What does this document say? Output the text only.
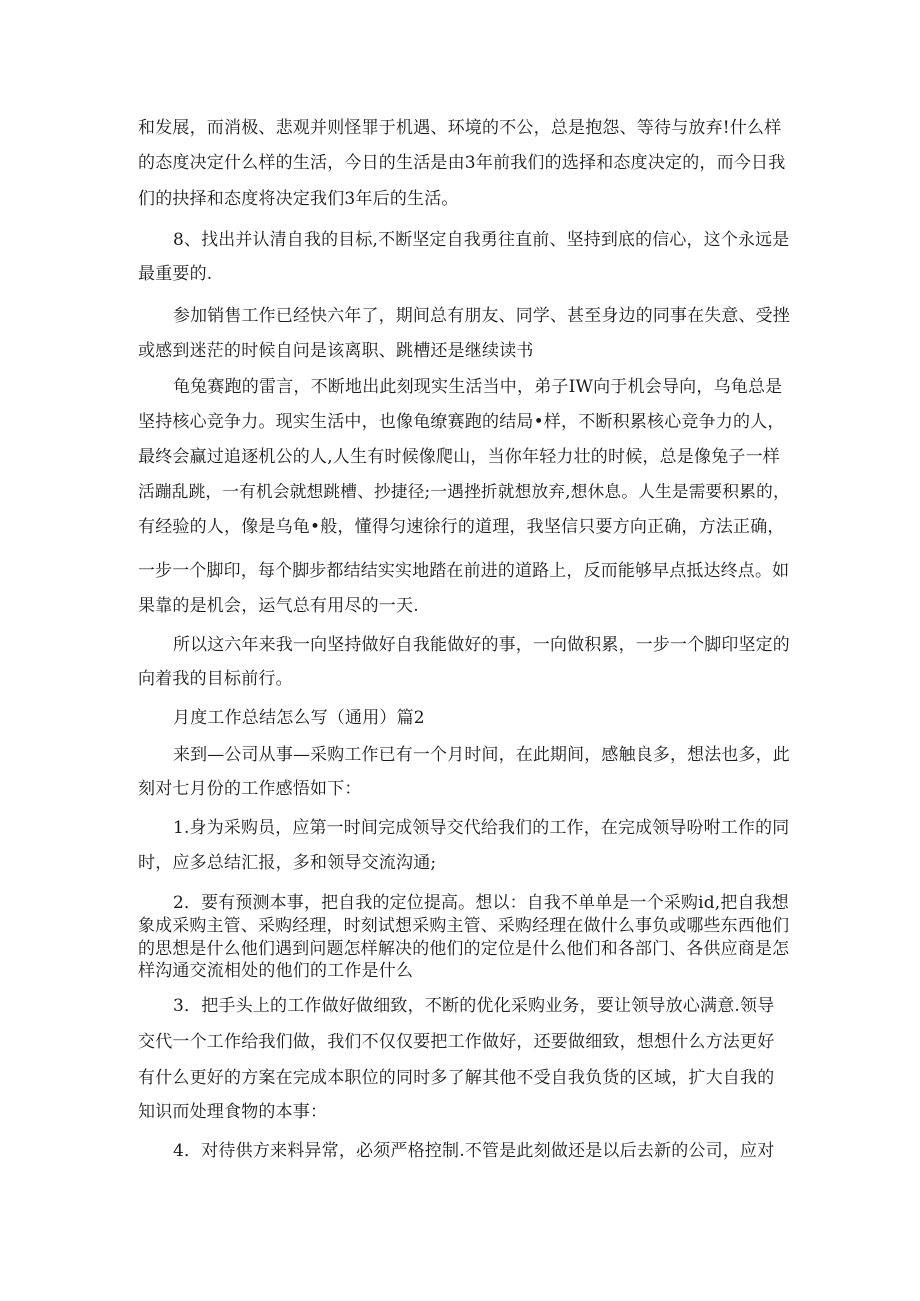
和发展，而消极、悲观并则怪罪于机遇、环境的不公，总是抱怨、等待与放弃!什么样
的态度决定什么样的生活，今日的生活是由3年前我们的选择和态度决定的，而今日我
们的抉择和态度将决定我们3年后的生活。
8、找出并认清自我的目标,不断坚定自我勇往直前、坚持到底的信心，这个永远是
最重要的.
参加销售工作已经快六年了，期间总有朋友、同学、甚至身边的同事在失意、受挫
或感到迷茫的时候自问是该离职、跳槽还是继续读书
龟兔赛跑的雷言，不断地出此刻现实生活当中，弟子IW向于机会导向，乌龟总是
坚持核心竞争力。现实生活中，也像龟缭赛跑的结局•样，不断积累核心竞争力的人，
最终会赢过追逐机公的人,人生有时候像爬山，当你年轻力壮的时候，总是像兔子一样
活蹦乱跳，一有机会就想跳槽、抄捷径;一遇挫折就想放弃,想休息。人生是需要积累的，
有经验的人，像是乌龟•般，懂得匀速徐行的道理，我坚信只要方向正确，方法正确，
一步一个脚印，每个脚步都结结实实地踏在前进的道路上，反而能够早点抵达终点。如
果靠的是机会，运气总有用尽的一天.
所以这六年来我一向坚持做好自我能做好的事，一向做积累，一步一个脚印坚定的
向着我的目标前行。
月度工作总结怎么写（通用）篇2
来到—公司从事—采购工作已有一个月时间，在此期间，感触良多，想法也多，此
刻对七月份的工作感悟如下：
1.身为采购员，应第一时间完成领导交代给我们的工作，在完成领导吩咐工作的同
时，应多总结汇报，多和领导交流沟通;
2．要有预测本事，把自我的定位提高。想以：自我不单单是一个采购id,把自我想
象成采购主管、采购经理，时刻试想采购主管、采购经理在做什么事负或哪些东西他们
的思想是什么他们遇到问题怎样解决的他们的定位是什么他们和各部门、各供应商是怎
样沟通交流相处的他们的工作是什么
3．把手头上的工作做好做细致，不断的优化采购业务，要让领导放心满意.领导
交代一个工作给我们做，我们不仅仅要把工作做好，还要做细致，想想什么方法更好
有什么更好的方案在完成本职位的同时多了解其他不受自我负货的区域，扩大自我的
知识而处理食物的本事：
4．对待供方来料异常，必须严格控制.不管是此刻做还是以后去新的公司，应对
